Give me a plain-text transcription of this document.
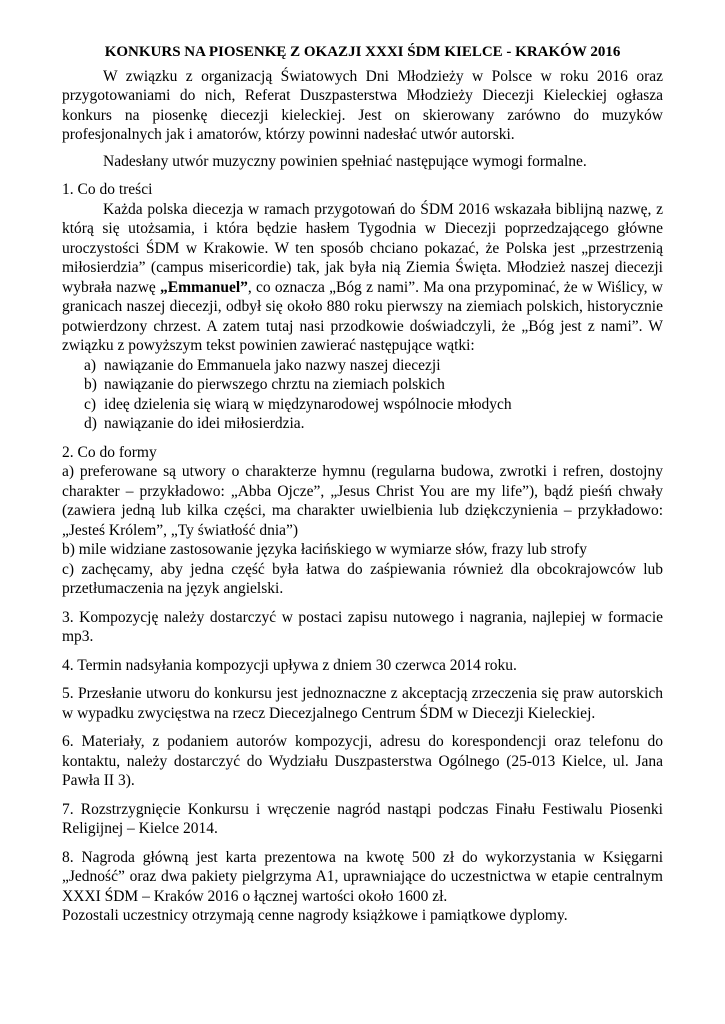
KONKURS NA PIOSENKĘ Z OKAZJI XXXI ŚDM KIELCE - KRAKÓW 2016

W związku z organizacją Światowych Dni Młodzieży w Polsce w roku 2016 oraz przygotowaniami do nich, Referat Duszpasterstwa Młodzieży Diecezji Kieleckiej ogłasza konkurs na piosenkę diecezji kieleckiej. Jest on skierowany zarówno do muzyków profesjonalnych jak i amatorów, którzy powinni nadesłać utwór autorski.

Nadesłany utwór muzyczny powinien spełniać następujące wymogi formalne.

1. Co do treści

Każda polska diecezja w ramach przygotowań do ŚDM 2016 wskazała biblijną nazwę, z którą się utożsamia, i która będzie hasłem Tygodnia w Diecezji poprzedzającego główne uroczystości ŚDM w Krakowie. W ten sposób chciano pokazać, że Polska jest „przestrzenią miłosierdzia” (campus misericordie) tak, jak była nią Ziemia Święta. Młodzież naszej diecezji wybrała nazwę „Emmanuel”, co oznacza „Bóg z nami”. Ma ona przypominać, że w Wiślicy, w granicach naszej diecezji, odbył się około 880 roku pierwszy na ziemiach polskich, historycznie potwierdzony chrzest. A zatem tutaj nasi przodkowie doświadczyli, że „Bóg jest z nami”. W związku z powyższym tekst powinien zawierać następujące wątki:

a) nawiązanie do Emmanuela jako nazwy naszej diecezji
b) nawiązanie do pierwszego chrztu na ziemiach polskich
c) ideę dzielenia się wiarą w międzynarodowej wspólnocie młodych
d) nawiązanie do idei miłosierdzia.
2. Co do formy

a) preferowane są utwory o charakterze hymnu (regularna budowa, zwrotki i refren, dostojny charakter – przykładowo: „Abba Ojcze”, „Jesus Christ You are my life”), bądź pieśń chwały (zawiera jedną lub kilka części, ma charakter uwielbienia lub dziękczynienia – przykładowo: „Jesteś Królem”, „Ty światłość dnia”)

b) mile widziane zastosowanie języka łacińskiego w wymiarze słów, frazy lub strofy

c) zachęcamy, aby jedna część była łatwa do zaśpiewania również dla obcokrajowców lub przetłumaczenia na język angielski.

3. Kompozycję należy dostarczyć w postaci zapisu nutowego i nagrania, najlepiej w formacie mp3.

4. Termin nadsyłania kompozycji upływa z dniem 30 czerwca 2014 roku.

5. Przesłanie utworu do konkursu jest jednoznaczne z akceptacją zrzeczenia się praw autorskich w wypadku zwycięstwa na rzecz Diecezjalnego Centrum ŚDM w Diecezji Kieleckiej.

6. Materiały, z podaniem autorów kompozycji, adresu do korespondencji oraz telefonu do kontaktu, należy dostarczyć do Wydziału Duszpasterstwa Ogólnego (25-013 Kielce, ul. Jana Pawła II 3).

7. Rozstrzygnięcie Konkursu i wręczenie nagród nastąpi podczas Finału Festiwalu Piosenki Religijnej – Kielce 2014.

8. Nagroda główną jest karta prezentowa na kwotę 500 zł do wykorzystania w Księgarni „Jedność” oraz dwa pakiety pielgrzyma A1, uprawniające do uczestnictwa w etapie centralnym XXXI ŚDM – Kraków 2016 o łącznej wartości około 1600 zł.

Pozostali uczestnicy otrzymają cenne nagrody książkowe i pamiątkowe dyplomy.
